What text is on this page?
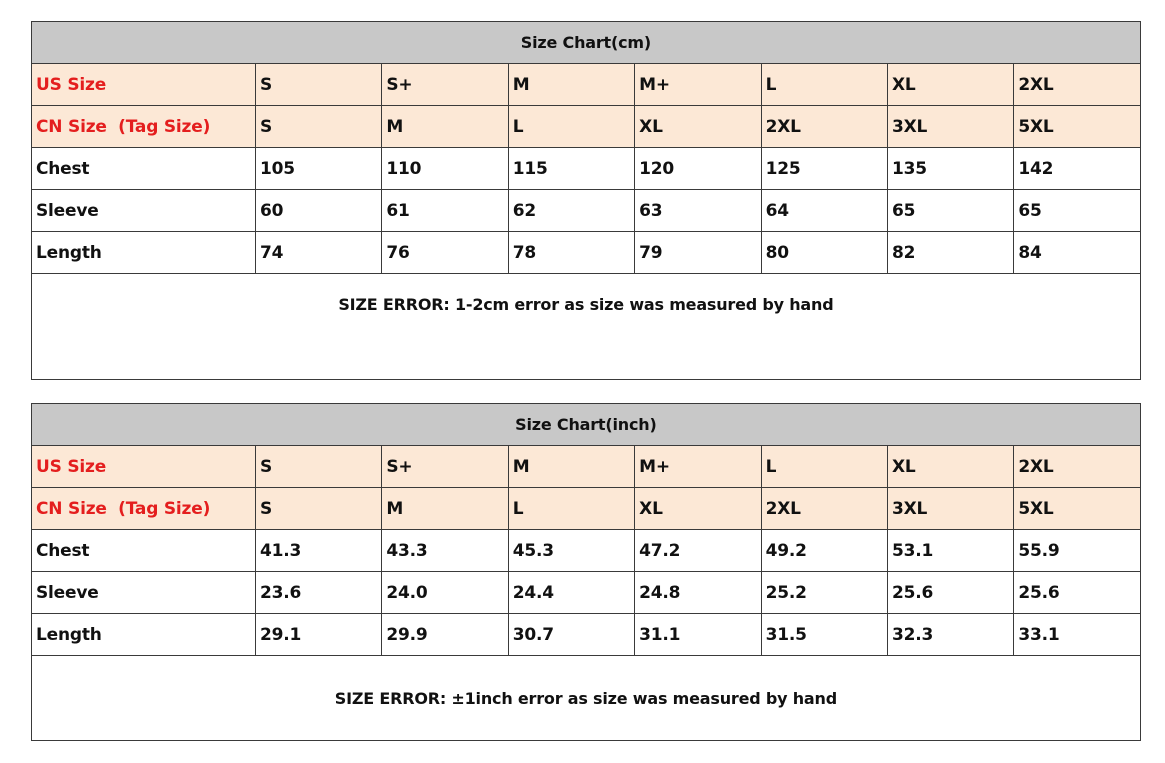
Size Chart(cm)							
US Size	S	S+	M	M+	L	XL	2XL
CN Size  (Tag Size)	S	M	L	XL	2XL	3XL	5XL
Chest	105	110	115	120	125	135	142
Sleeve	60	61	62	63	64	65	65
Length	74	76	78	79	80	82	84
SIZE ERROR: 1-2cm error as size was measured by hand							
Size Chart(inch)							
US Size	S	S+	M	M+	L	XL	2XL
CN Size  (Tag Size)	S	M	L	XL	2XL	3XL	5XL
Chest	41.3	43.3	45.3	47.2	49.2	53.1	55.9
Sleeve	23.6	24.0	24.4	24.8	25.2	25.6	25.6
Length	29.1	29.9	30.7	31.1	31.5	32.3	33.1
SIZE ERROR: ±1inch error as size was measured by hand							
